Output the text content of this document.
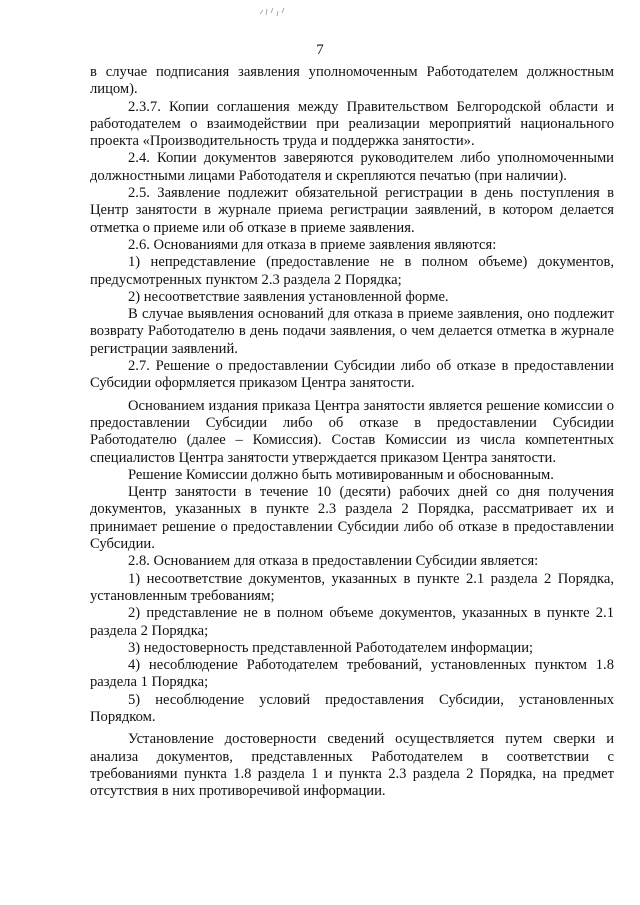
7

в случае подписания заявления уполномоченным Работодателем должностным лицом).

2.3.7. Копии соглашения между Правительством Белгородской области и работодателем о взаимодействии при реализации мероприятий национального проекта «Производительность труда и поддержка занятости».

2.4. Копии документов заверяются руководителем либо уполномоченными должностными лицами Работодателя и скрепляются печатью (при наличии).

2.5. Заявление подлежит обязательной регистрации в день поступления в Центр занятости в журнале приема регистрации заявлений, в котором делается отметка о приеме или об отказе в приеме заявления.

2.6. Основаниями для отказа в приеме заявления являются:

1) непредставление (предоставление не в полном объеме) документов, предусмотренных пунктом 2.3 раздела 2 Порядка;

2) несоответствие заявления установленной форме.

В случае выявления оснований для отказа в приеме заявления, оно подлежит возврату Работодателю в день подачи заявления, о чем делается отметка в журнале регистрации заявлений.

2.7. Решение о предоставлении Субсидии либо об отказе в предоставлении Субсидии оформляется приказом Центра занятости.

Основанием издания приказа Центра занятости является решение комиссии о предоставлении Субсидии либо об отказе в предоставлении Субсидии Работодателю (далее – Комиссия). Состав Комиссии из числа компетентных специалистов Центра занятости утверждается приказом Центра занятости.

Решение Комиссии должно быть мотивированным и обоснованным.

Центр занятости в течение 10 (десяти) рабочих дней со дня получения документов, указанных в пункте 2.3 раздела 2 Порядка, рассматривает их и принимает решение о предоставлении Субсидии либо об отказе в предоставлении Субсидии.

2.8. Основанием для отказа в предоставлении Субсидии является:

1) несоответствие документов, указанных в пункте 2.1 раздела 2 Порядка, установленным требованиям;

2) представление не в полном объеме документов, указанных в пункте 2.1 раздела 2 Порядка;

3) недостоверность представленной Работодателем информации;

4) несоблюдение Работодателем требований, установленных пунктом 1.8 раздела 1 Порядка;

5) несоблюдение условий предоставления Субсидии, установленных Порядком.

Установление достоверности сведений осуществляется путем сверки и анализа документов, представленных Работодателем в соответствии с требованиями пункта 1.8 раздела 1 и пункта 2.3 раздела 2 Порядка, на предмет отсутствия в них противоречивой информации.
